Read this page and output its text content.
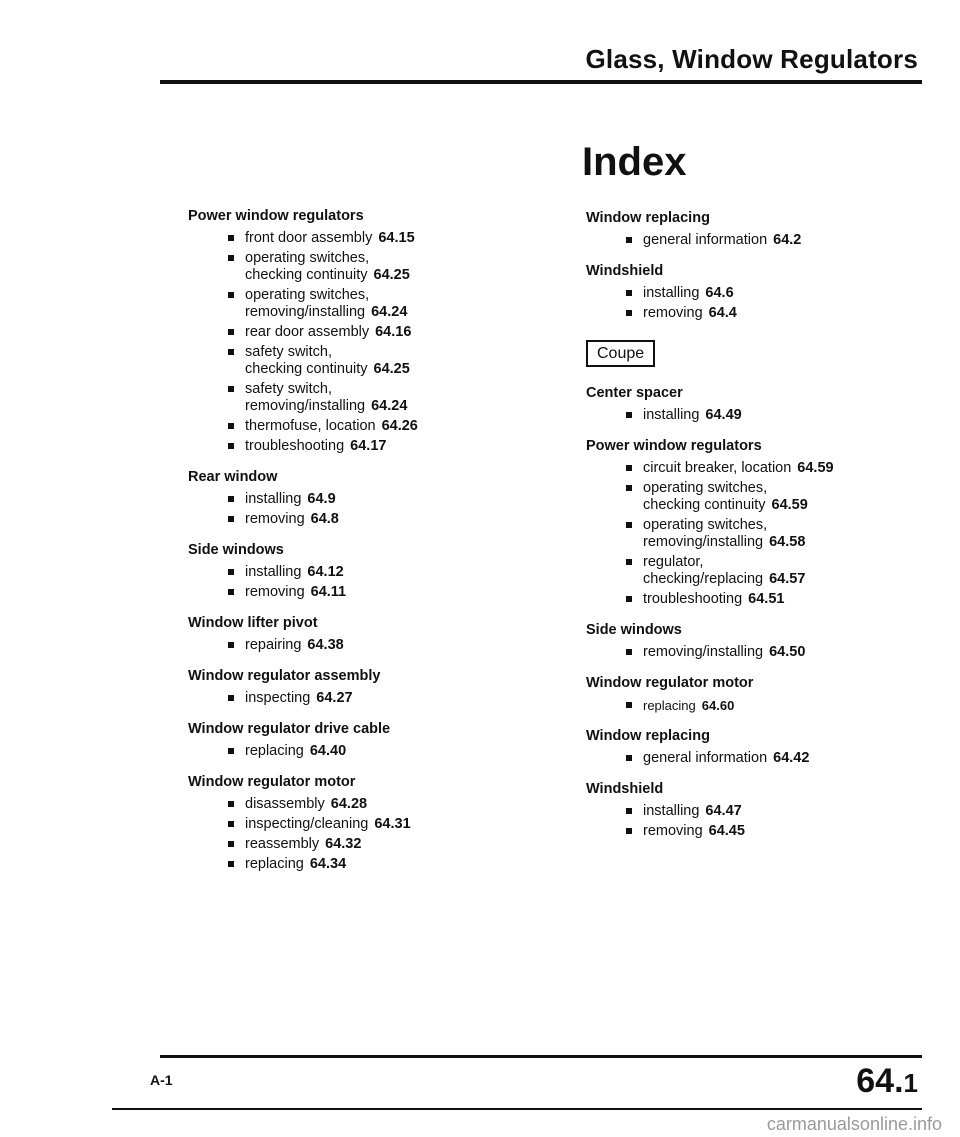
Glass, Window Regulators
Index
Power window regulators
front door assembly 64.15
operating switches,
checking continuity 64.25
operating switches,
removing/installing 64.24
rear door assembly 64.16
safety switch,
checking continuity 64.25
safety switch,
removing/installing 64.24
thermofuse, location 64.26
troubleshooting 64.17
Rear window
installing 64.9
removing 64.8
Side windows
installing 64.12
removing 64.11
Window lifter pivot
repairing 64.38
Window regulator assembly
inspecting 64.27
Window regulator drive cable
replacing 64.40
Window regulator motor
disassembly 64.28
inspecting/cleaning 64.31
reassembly 64.32
replacing 64.34
Window replacing
general information 64.2
Windshield
installing 64.6
removing 64.4
Coupe
Center spacer
installing 64.49
Power window regulators
circuit breaker, location 64.59
operating switches,
checking continuity 64.59
operating switches,
removing/installing 64.58
regulator,
checking/replacing 64.57
troubleshooting 64.51
Side windows
removing/installing 64.50
Window regulator motor
replacing 64.60
Window replacing
general information 64.42
Windshield
installing 64.47
removing 64.45
A-1	64.1
carmanualsonline.info
